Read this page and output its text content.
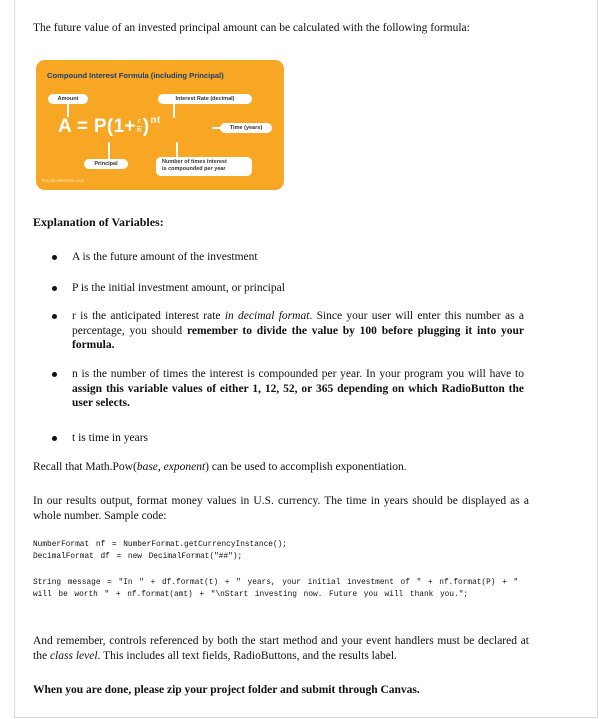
The future value of an invested principal amount can be calculated with the following formula:
Compound Interest Formula (including Principal)
Amount	Interest Rate (decimal)
Time (years)
Principal	Number of times interest
is compounded per year
$A = P(1+ \frac{r}{n} )^{nt}$
thecalculatorsite.com
Explanation of Variables:
A is the future amount of the investment
P is the initial investment amount, or principal
r is the anticipated interest rate in decimal format. Since your user will enter this number as a percentage, you should remember to divide the value by 100 before plugging it into your formula.
n is the number of times the interest is compounded per year. In your program you will have to assign this variable values of either 1, 12, 52, or 365 depending on which RadioButton the user selects.
t is time in years
Recall that Math.Pow(base, exponent) can be used to accomplish exponentiation.
In our results output, format money values in U.S. currency. The time in years should be displayed as a whole number. Sample code:
NumberFormat nf = NumberFormat.getCurrencyInstance();
DecimalFormat df = new DecimalFormat("##");
String message = "In " + df.format(t) + " years, your initial investment of " + nf.format(P) + " will be worth " + nf.format(amt) + "\nStart investing now. Future you will thank you.";
And remember, controls referenced by both the start method and your event handlers must be declared at the class level. This includes all text fields, RadioButtons, and the results label.
When you are done, please zip your project folder and submit through Canvas.
